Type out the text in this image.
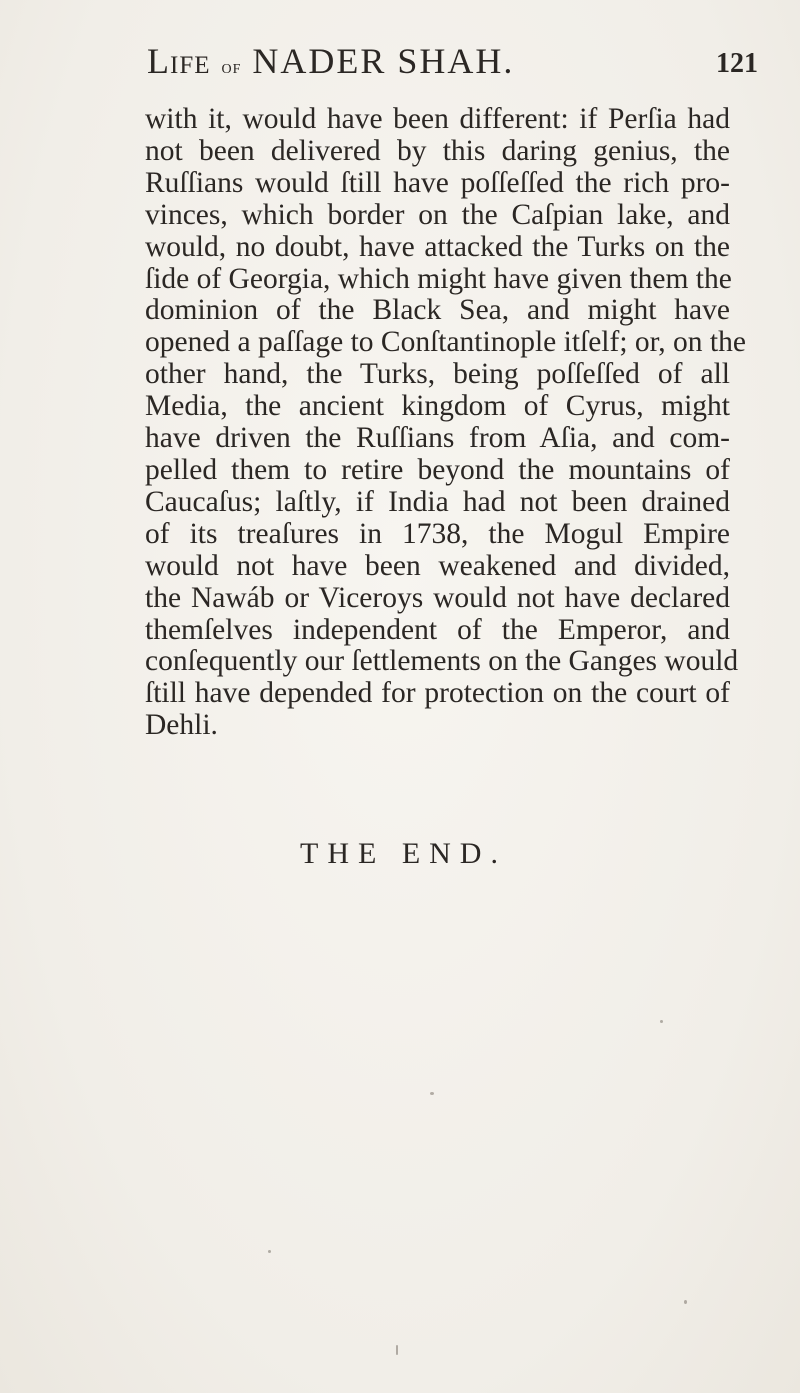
Life of NADER SHAH.	121
with it, would have been different: if Perſia had
not been delivered by this daring genius, the
Ruſſians would ſtill have poſſeſſed the rich pro-
vinces, which border on the Caſpian lake, and
would, no doubt, have attacked the Turks on the
ſide of Georgia, which might have given them the
dominion of the Black Sea, and might have
opened a paſſage to Conſtantinople itſelf; or, on the
other hand, the Turks, being poſſeſſed of all
Media, the ancient kingdom of Cyrus, might
have driven the Ruſſians from Aſia, and com-
pelled them to retire beyond the mountains of
Caucaſus; laſtly, if India had not been drained
of its treaſures in 1738, the Mogul Empire
would not have been weakened and divided,
the Nawáb or Viceroys would not have declared
themſelves independent of the Emperor, and
conſequently our ſettlements on the Ganges would
ſtill have depended for protection on the court of
Dehli.
THE END.
